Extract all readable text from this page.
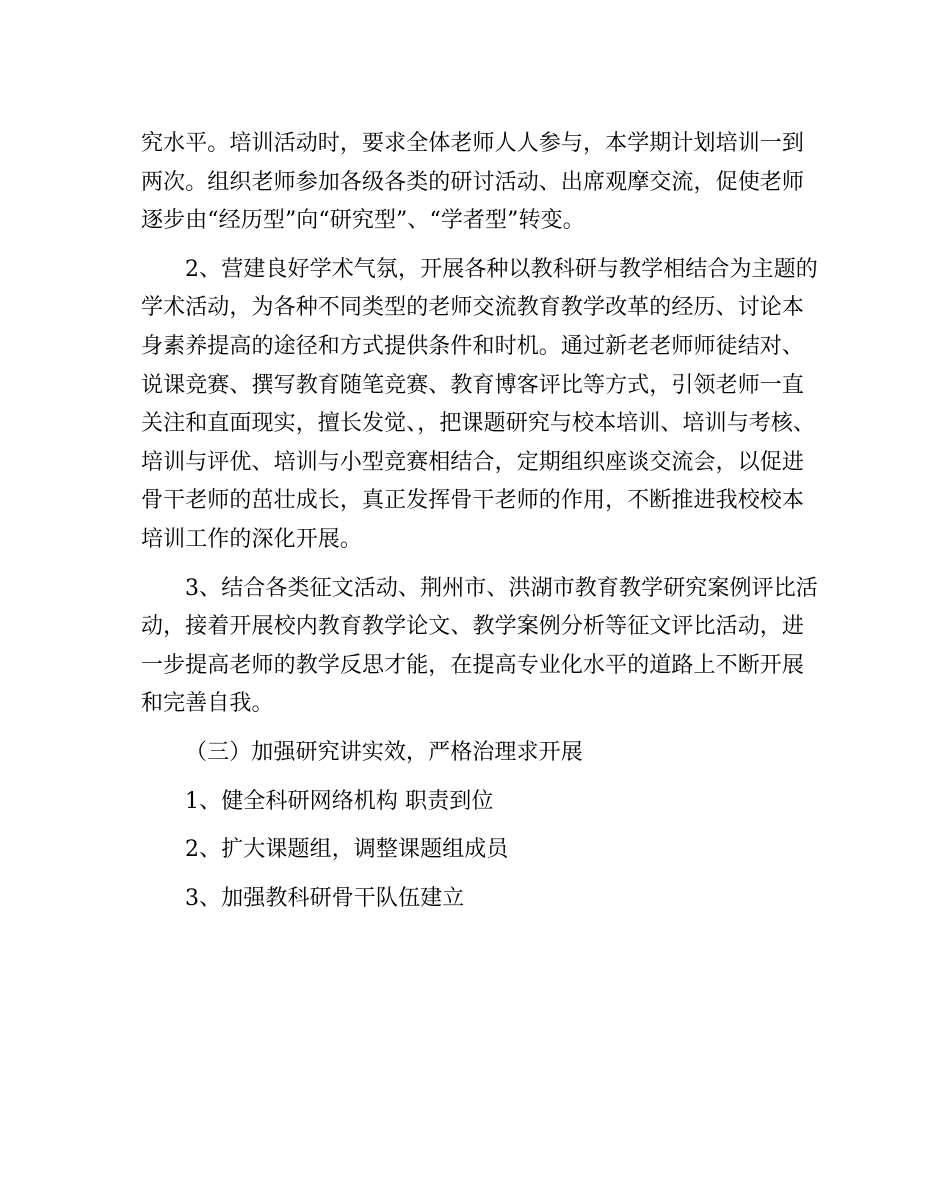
究水平。培训活动时，要求全体老师人人参与，本学期计划培训一到
两次。组织老师参加各级各类的研讨活动、出席观摩交流，促使老师
逐步由“经历型”向“研究型”、“学者型”转变。

2、营建良好学术气氛，开展各种以教科研与教学相结合为主题的
学术活动，为各种不同类型的老师交流教育教学改革的经历、讨论本
身素养提高的途径和方式提供条件和时机。通过新老老师师徒结对、
说课竞赛、撰写教育随笔竞赛、教育博客评比等方式，引领老师一直
关注和直面现实，擅长发觉、，把课题研究与校本培训、培训与考核、
培训与评优、培训与小型竞赛相结合，定期组织座谈交流会，以促进
骨干老师的茁壮成长，真正发挥骨干老师的作用，不断推进我校校本
培训工作的深化开展。

3、结合各类征文活动、荆州市、洪湖市教育教学研究案例评比活
动，接着开展校内教育教学论文、教学案例分析等征文评比活动，进
一步提高老师的教学反思才能，在提高专业化水平的道路上不断开展
和完善自我。

（三）加强研究讲实效，严格治理求开展

1、健全科研网络机构 职责到位

2、扩大课题组，调整课题组成员

3、加强教科研骨干队伍建立
